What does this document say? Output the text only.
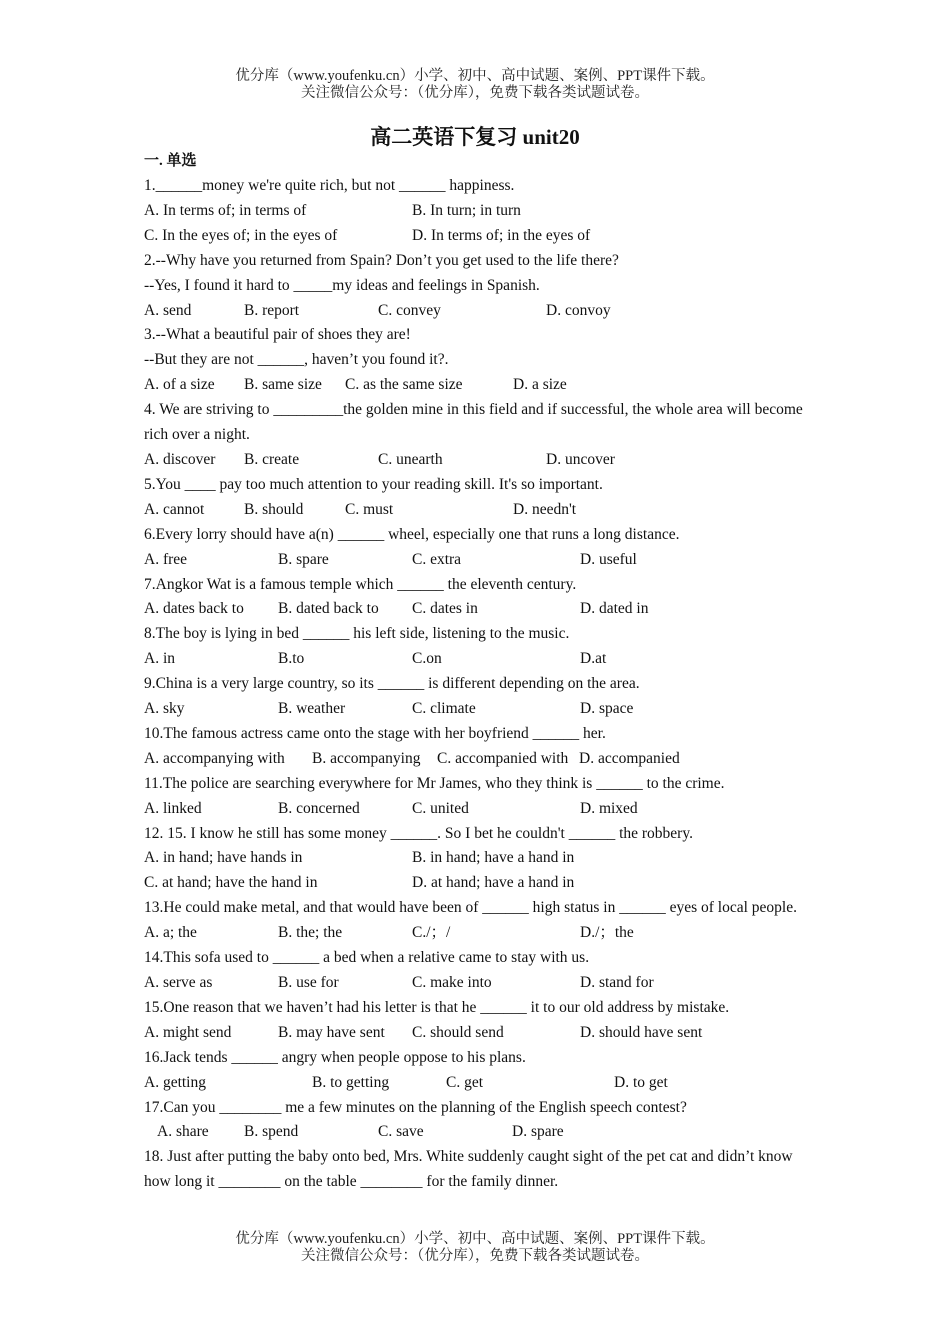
优分库（www.youfenku.cn）小学、初中、高中试题、案例、PPT课件下载。
关注微信公众号：（优分库），免费下载各类试题试卷。
高二英语下复习 unit20
一. 单选
1.______money we're quite rich, but not ______ happiness.
A. In terms of; in terms of	B. In turn; in turn
C. In the eyes of; in the eyes of	D. In terms of; in the eyes of
2.--Why have you returned from Spain? Don’t you get used to the life there?
--Yes, I found it hard to _____my ideas and feelings in Spanish.
A. send	B. report	C. convey	D. convoy
3.--What a beautiful pair of shoes they are!
--But they are not ______, haven’t you found it?.
A. of a size	B. same size	C. as the same size	D. a size
4. We are striving to _________the golden mine in this field and if successful, the whole area will become rich over a night.
A. discover	B. create	C. unearth	D. uncover
5.You ____ pay too much attention to your reading skill. It's so important.
A. cannot	B. should	C. must	D. needn't
6.Every lorry should have a(n) ______ wheel, especially one that runs a long distance.
A. free	B. spare	C. extra	D. useful
7.Angkor Wat is a famous temple which ______ the eleventh century.
A. dates back to	B. dated back to	C. dates in	D. dated in
8.The boy is lying in bed ______ his left side, listening to the music.
A. in	B.to	C.on	D.at
9.China is a very large country, so its ______ is different depending on the area.
A. sky	B. weather	C. climate	D. space
10.The famous actress came onto the stage with her boyfriend ______ her.
A. accompanying with	B. accompanying	C. accompanied with D. accompanied
11.The police are searching everywhere for Mr James, who they think is ______ to the crime.
A. linked	B. concerned	C. united	D. mixed
12. 15. I know he still has some money ______. So I bet he couldn't ______ the robbery.
A. in hand; have hands in	B. in hand; have a hand in
C. at hand; have the hand in	D. at hand; have a hand in
13.He could make metal, and that would have been of ______ high status in ______ eyes of local people.
A. a; the	B. the; the	C./；/	D./；the
14.This sofa used to ______ a bed when a relative came to stay with us.
A. serve as	B. use for	C. make into	D. stand for
15.One reason that we haven’t had his letter is that he ______ it to our old address by mistake.
A. might send	B. may have sent	C. should send	D. should have sent
16.Jack tends ______ angry when people oppose to his plans.
A. getting	B. to getting	C. get	D. to get
17.Can you ________ me a few minutes on the planning of the English speech contest?
A. share	B. spend	C. save	D. spare
18. Just after putting the baby onto bed, Mrs. White suddenly caught sight of the pet cat and didn’t know how long it ________ on the table ________ for the family dinner.
优分库（www.youfenku.cn）小学、初中、高中试题、案例、PPT课件下载。
关注微信公众号：（优分库），免费下载各类试题试卷。
